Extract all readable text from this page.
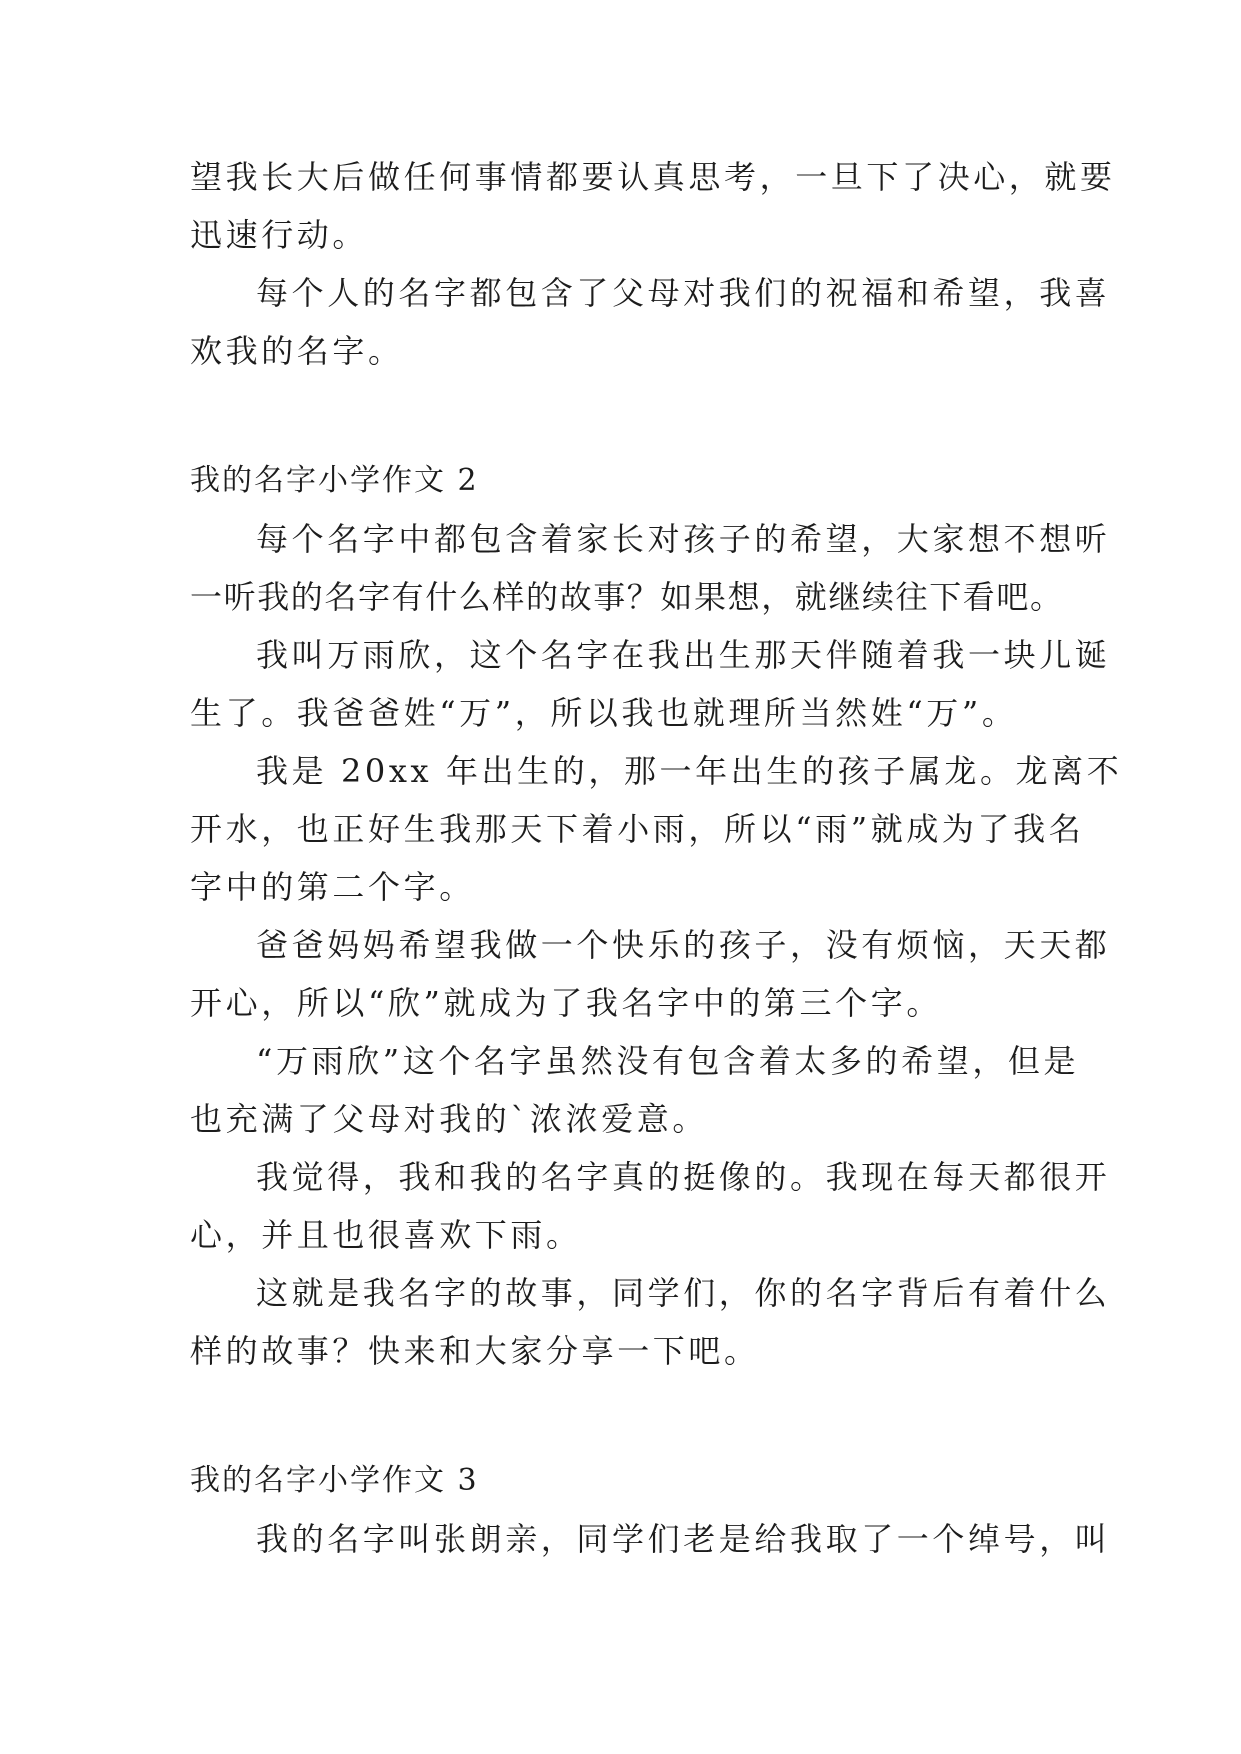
望我长大后做任何事情都要认真思考，一旦下了决心，就要
迅速行动。
每个人的名字都包含了父母对我们的祝福和希望，我喜
欢我的名字。
我的名字小学作文 2
每个名字中都包含着家长对孩子的希望，大家想不想听
一听我的名字有什么样的故事？如果想，就继续往下看吧。
我叫万雨欣，这个名字在我出生那天伴随着我一块儿诞
生了。我爸爸姓“万”，所以我也就理所当然姓“万”。
我是 20xx 年出生的，那一年出生的孩子属龙。龙离不
开水，也正好生我那天下着小雨，所以“雨”就成为了我名
字中的第二个字。
爸爸妈妈希望我做一个快乐的孩子，没有烦恼，天天都
开心，所以“欣”就成为了我名字中的第三个字。
“万雨欣”这个名字虽然没有包含着太多的希望，但是
也充满了父母对我的`浓浓爱意。
我觉得，我和我的名字真的挺像的。我现在每天都很开
心，并且也很喜欢下雨。
这就是我名字的故事，同学们，你的名字背后有着什么
样的故事？快来和大家分享一下吧。
我的名字小学作文 3
我的名字叫张朗亲，同学们老是给我取了一个绰号，叫
